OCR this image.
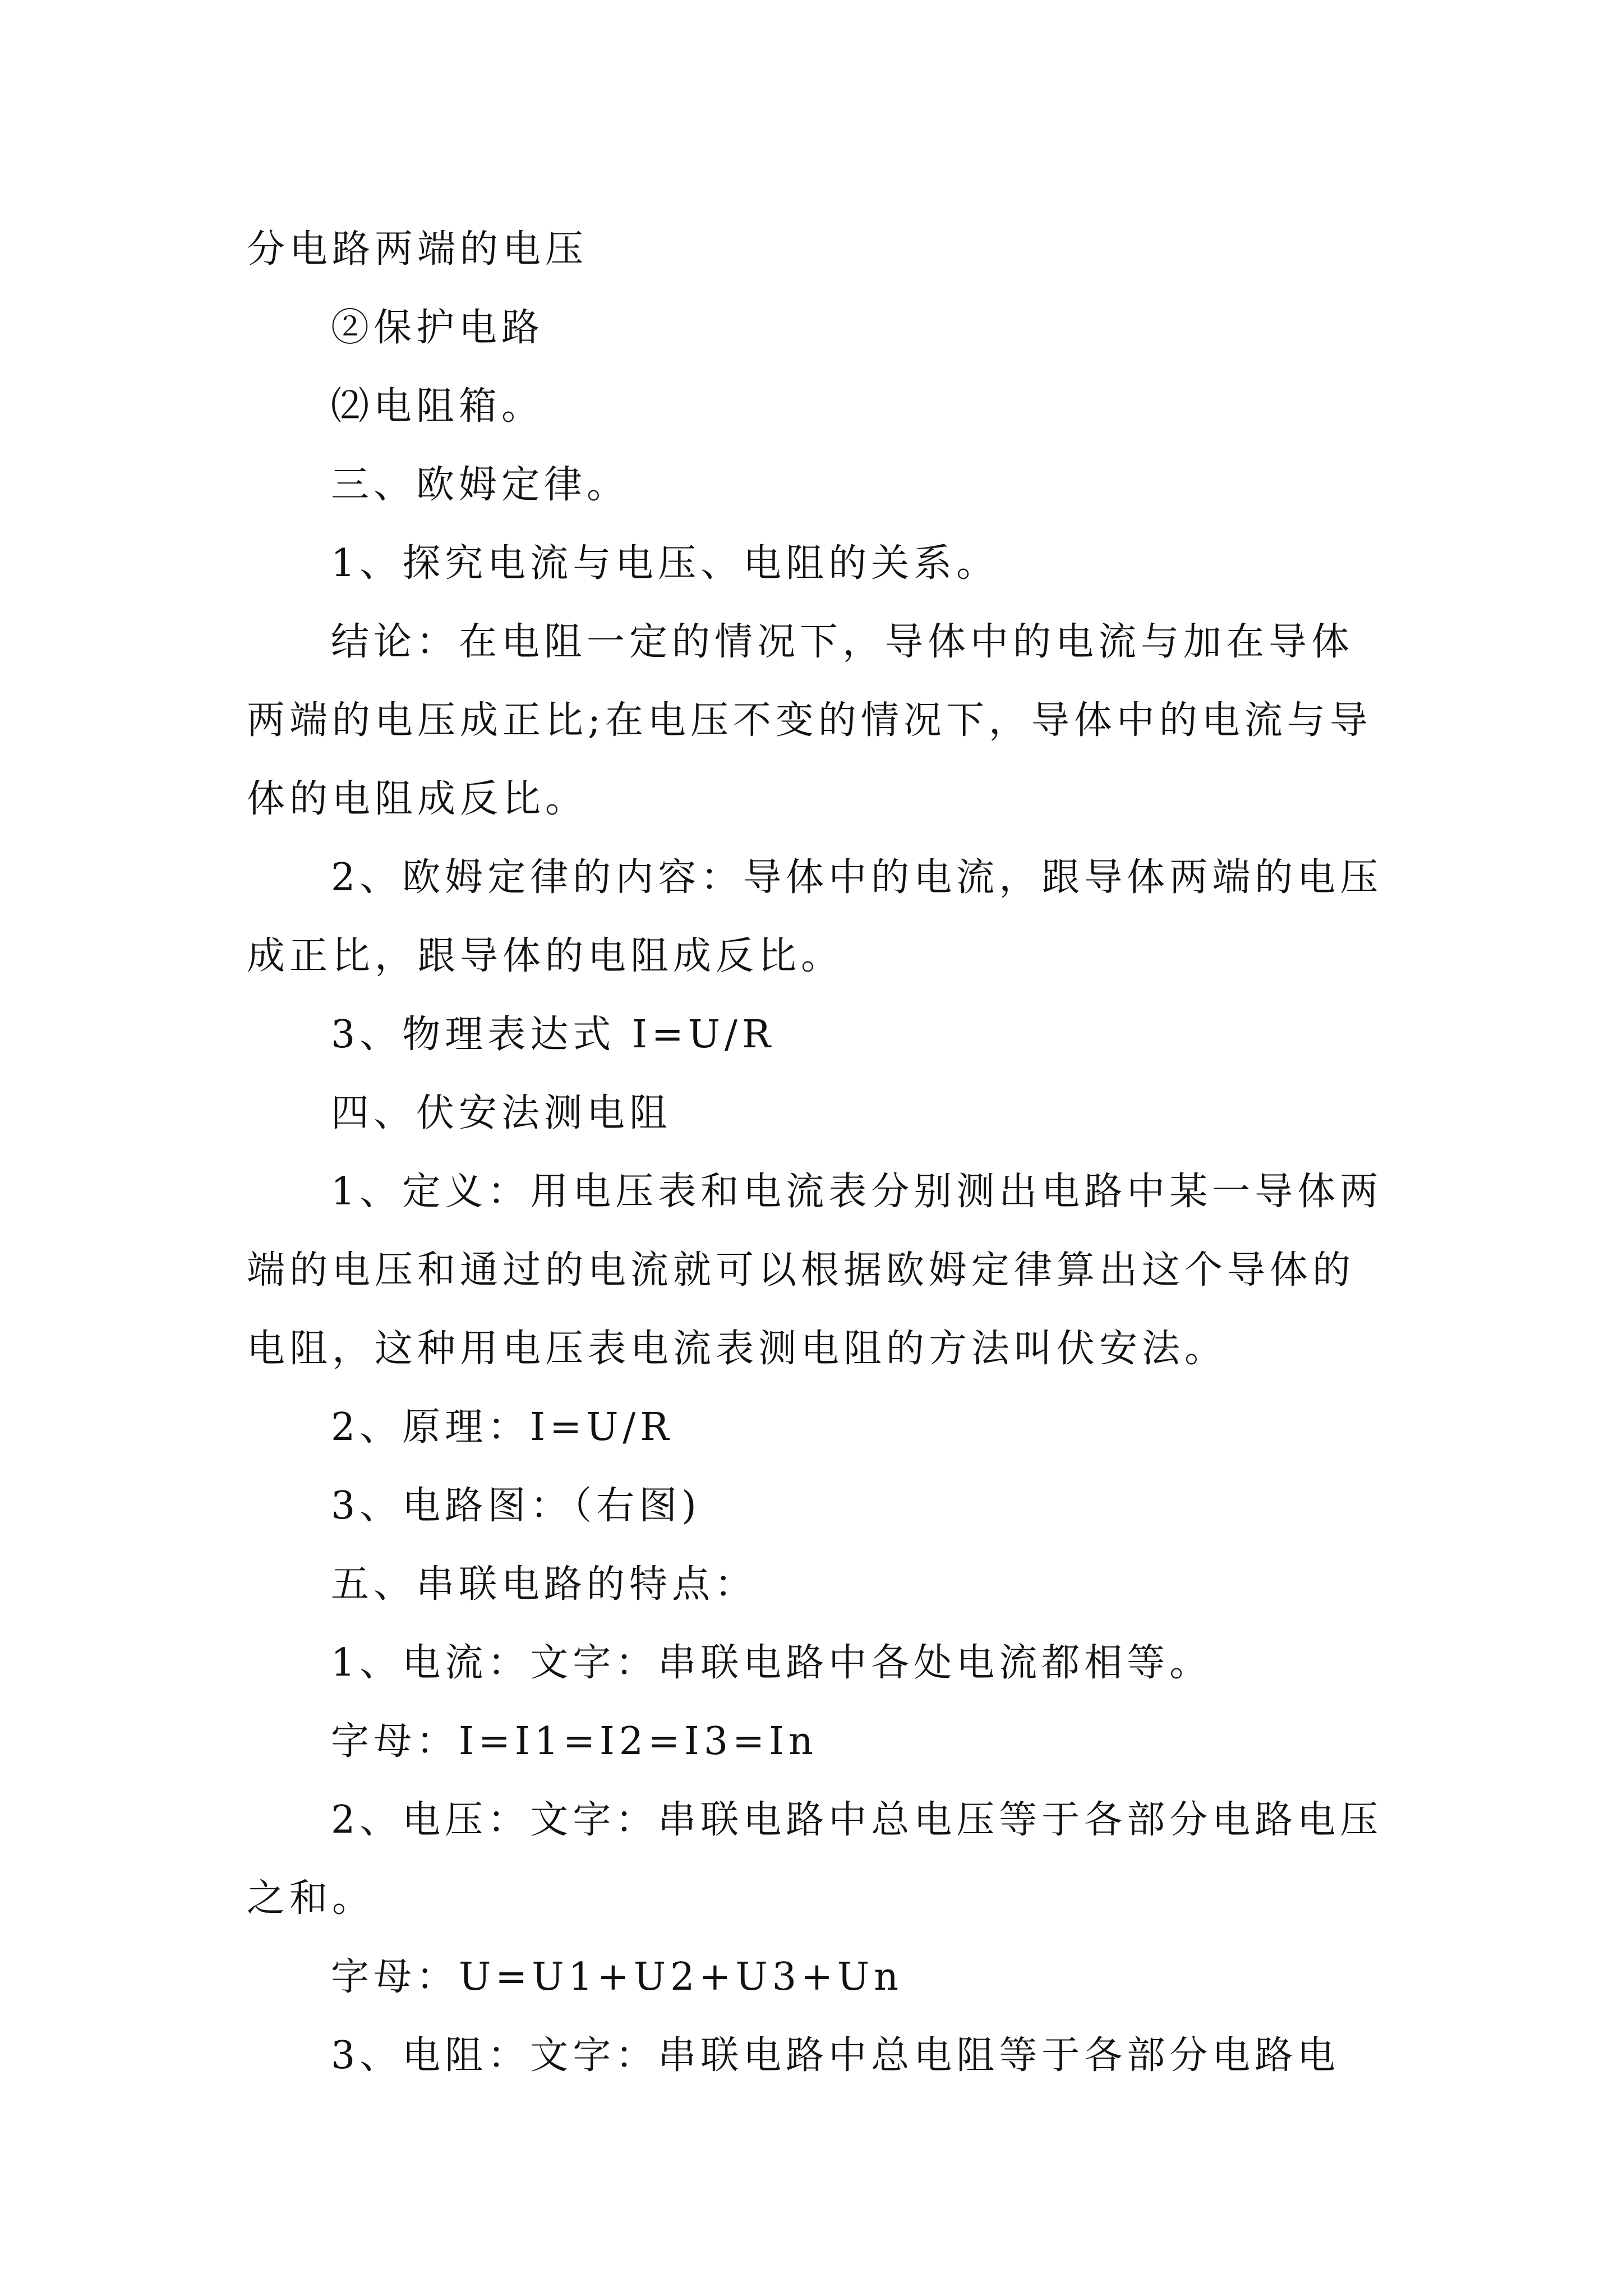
分电路两端的电压

②保护电路

⑵电阻箱。

三、欧姆定律。

1、探究电流与电压、电阻的关系。

结论：在电阻一定的情况下，导体中的电流与加在导体两端的电压成正比;在电压不变的情况下，导体中的电流与导体的电阻成反比。

2、欧姆定律的内容：导体中的电流，跟导体两端的电压成正比，跟导体的电阻成反比。

3、物理表达式 I=U/R

四、伏安法测电阻

1、定义：用电压表和电流表分别测出电路中某一导体两端的电压和通过的电流就可以根据欧姆定律算出这个导体的电阻，这种用电压表电流表测电阻的方法叫伏安法。

2、原理：I=U/R

3、电路图：（右图)

五、串联电路的特点：

1、电流：文字：串联电路中各处电流都相等。

字母：I=I1=I2=I3=In

2、电压：文字：串联电路中总电压等于各部分电路电压之和。

字母：U=U1+U2+U3+Un

3、电阻：文字：串联电路中总电阻等于各部分电路电
